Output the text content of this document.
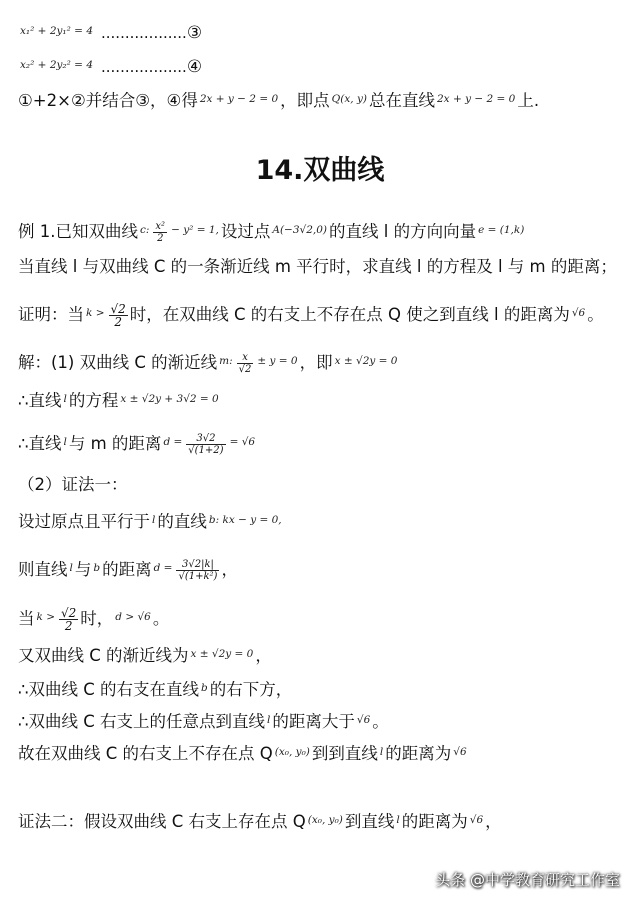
x₁² + 2y₁² = 4 ..................③
x₂² + 2y₂² = 4 ..................④
①+2×②并结合③，④得 2x + y − 2 = 0 ，即点 Q(x, y) 总在直线 2x + y − 2 = 0 上.
14.双曲线
例 1.已知双曲线 c: $\frac{\text{x²}}{2} - y^2 = 1$, 设过点 A(−3√2,0) 的直线 l 的方向向量 e = (1,k)
当直线 l 与双曲线 C 的一条渐近线 m 平行时，求直线 l 的方程及 l 与 m 的距离；
证明：当 $k > \frac{√2}{2}$ 时，在双曲线 C 的右支上不存在点 Q 使之到直线 l 的距离为 √6 。
解：(1) 双曲线 C 的渐近线 m: $\frac{x}{√2} \pm y = 0$ ，即 x ± √2y = 0
∴直线 l 的方程 x ± √2y + 3√2 = 0
∴直线 l 与 m 的距离 $d = \frac{3√2}{√(1+2)} = √6$
（2）证法一：
设过原点且平行于 l 的直线 b: kx − y = 0,
则直线 l 与 b 的距离 $d = \frac{3√2|k|}{\text{√(1+k²)}}$ ，
当 $k > \frac{√2}{2}$ 时， d > √6 。
又双曲线 C 的渐近线为 x ± √2y = 0 ，
∴双曲线 C 的右支在直线 b 的右下方，
∴双曲线 C 右支上的任意点到直线 l 的距离大于 √6 。
故在双曲线 C 的右支上不存在点 Q (x₀, y₀) 到到直线 l 的距离为 √6
证法二：假设双曲线 C 右支上存在点 Q (x₀, y₀) 到直线 l 的距离为 √6 ，
头条 @中学教育研究工作室
